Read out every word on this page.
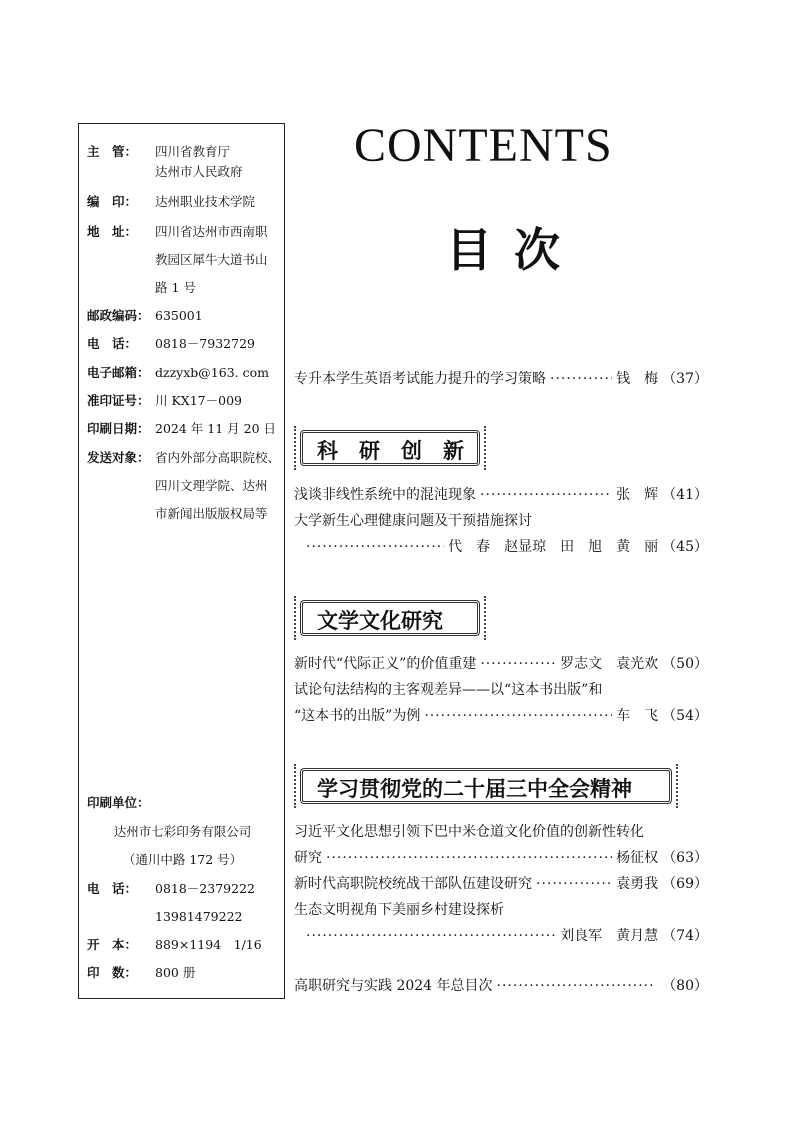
主　管：	四川省教育厅
达州市人民政府
编　印：	达州职业技术学院
地　址：	四川省达州市西南职
教园区犀牛大道书山
路 1 号
邮政编码： 635001
电　话：	0818－7932729
电子邮箱： dzzyxb@163. com
准印证号： 川 KX17－009
印刷日期： 2024 年 11 月 20 日
发送对象： 省内外部分高职院校、
四川文理学院、达州
市新闻出版版权局等
印刷单位：
达州市七彩印务有限公司
（通川中路 172 号）
电　话：	0818－2379222
13981479222
开　本：	889×1194　1/16
印　数：	800 册
CONTENTS
目次
专升本学生英语考试能力提升的学习策略 ·····	钱　梅 （37）
科　研　创　新
浅谈非线性系统中的混沌现象 ·····	张　辉 （41）
大学新生心理健康问题及干预措施探讨
·····
代　春　赵显琼　田　旭　黄　丽 （45）
文学文化研究
新时代“代际正义”的价值重建 ·····	罗志文　袁光欢 （50）
试论句法结构的主客观差异——以“这本书出版”和
“这本书的出版”为例 ·····	车　飞 （54）
学习贯彻党的二十届三中全会精神
习近平文化思想引领下巴中米仓道文化价值的创新性转化
研究 ·····	杨征权 （63）
新时代高职院校统战干部队伍建设研究 ·····	袁勇我 （69）
生态文明视角下美丽乡村建设探析
·····
刘良军　黄月慧 （74）
高职研究与实践 2024 年总目次 ·····	（80）
